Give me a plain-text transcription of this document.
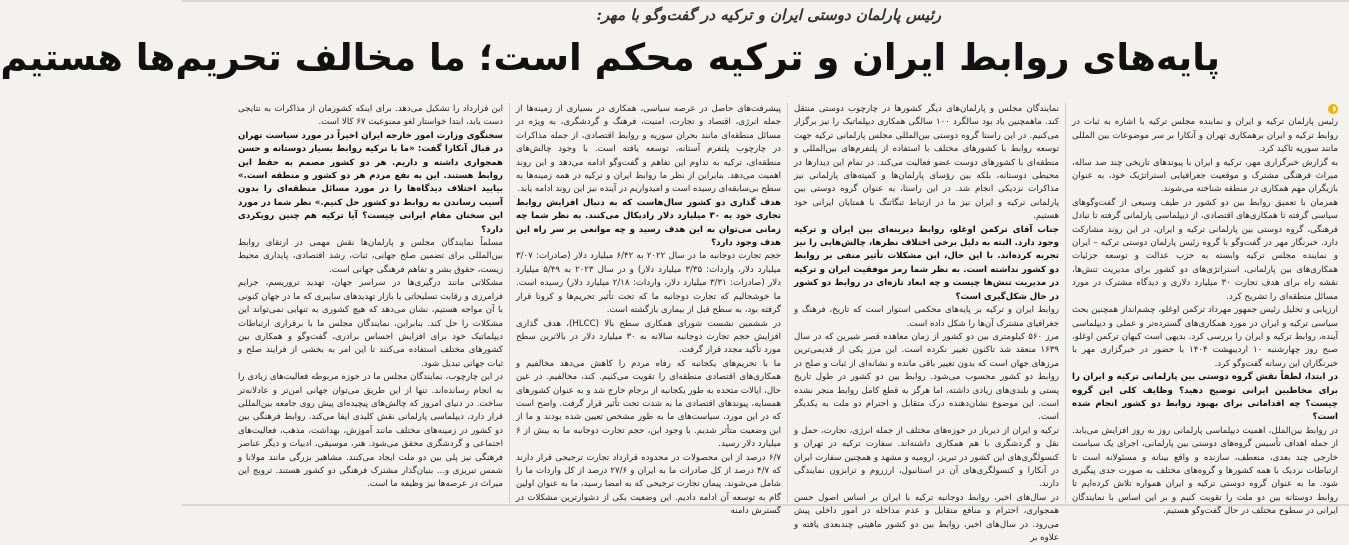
رئیس پارلمان دوستی ایران و ترکیه در گفت‌و‌گو با مهر:
پایه‌های روابط ایران و ترکیه محکم است؛ ما مخالف تحریم‌ها هستیم

رئیس پارلمان ترکیه و ایران و نماینده مجلس ترکیه با اشاره به ثبات در روابط ترکیه و ایران برهمکاری تهران و آنکارا بر سر موضوعات بین المللی مانند سوریه تاکید کرد.

به گزارش خبرگزاری مهر، ترکیه و ایران با پیوندهای تاریخی چند صد ساله، میراث فرهنگی مشترک و موقعیت جغرافیایی استراتژیک خود، به عنوان بازیگران مهم همکاری در منطقه شناخته می‌شوند.

همزمان با تعمیق روابط بین دو کشور در طیف وسیعی از گفت‌وگوهای سیاسی گرفته تا همکاری‌های اقتصادی، از دیپلماسی پارلمانی گرفته تا تبادل فرهنگی، گروه دوستی بین پارلمانی ترکیه و ایران، در این روند مشارکت دارد. خبرنگار مهر در گفت‌وگو با گروه رئیس پارلمان دوستی ترکیه – ایران و نماینده مجلس ترکیه وابسته به حزب عدالت و توسعه جزئیات همکاری‌های بین پارلمانی، استراتژی‌های دو کشور برای مدیریت تنش‌ها، نقشه راه برای هدف تجارت ۳۰ میلیارد دلاری و دیدگاه مشترک در مورد مسائل منطقه‌ای را تشریح کرد.

ارزیابی و تحلیل رئیس جمهور مهرداد ترکمن اوغلو، چشم‌انداز همچنین بحث سیاسی ترکیه و ایران در مورد همکاری‌های گسترده‌تر و عملی و دیپلماسی آینده، روابط ترکیه و ایران را بررسی کرد. بدیهی است کیهان ترکمن اوغلو، صبح روز چهارشنبه ۱۰ اردیبهشت ۱۴۰۴ با حضور در خبرگزاری مهر با خبرنگاران این رسانه گفت‌وگو کرد.

در ابتدا، لطفاً نقش گروه دوستی بین پارلمانی ترکیه و ایران را برای مخاطبین ایرانی توضیح دهید؟ وظایف کلی این گروه چیست؟ چه اقداماتی برای بهبود روابط دو کشور انجام شده است؟

در روابط بین‌الملل، اهمیت دیپلماسی پارلمانی روز به روز افزایش می‌یابد. از جمله اهداف تأسیس گروه‌های دوستی بین پارلمانی، اجرای یک سیاست خارجی چند بعدی، منعطف، سازنده و واقع بینانه و مسئولانه است تا ارتباطات نزدیک با همه کشورها و گروه‌های مختلف به صورت جدی پیگیری شود. ما به عنوان گروه دوستی ترکیه و ایران همواره تلاش کرده‌ایم تا روابط دوستانه بین دو ملت را تقویت کنیم و بر این اساس با نمایندگان ایرانی در سطوح مختلف در حال گفت‌وگو هستیم.

نمایندگان مجلس و پارلمان‌های دیگر کشورها در چارچوب دوستی منتقل کند. ماهمچنین یاد بود سالگرد ۱۰۰ سالگی همکاری دیپلماتیک را نیز برگزار می‌کنیم. در این راستا گروه دوستی بین‌المللی مجلس پارلمانی ترکیه جهت توسعه روابط با کشورهای مختلف با استفاده از پلتفرم‌های بین‌المللی و منطقه‌ای با کشورهای دوست عضو فعالیت می‌کند. در تمام این دیدارها در محیطی دوستانه، بلکه بین رؤسای پارلمان‌ها و کمیته‌های پارلمانی نیز مذاکرات نزدیکی انجام شد. در این راستا، به عنوان گروه دوستی بین پارلمانی ترکیه و ایران نیز ما در ارتباط تنگاتنگ با همتایان ایرانی خود هستیم.

جناب آقای ترکمن اوغلو، روابط دیرینه‌ای بین ایران و ترکیه وجود دارد. البته به دلیل برخی اختلاف نظرها، چالش‌هایی را نیز تجربه کرده‌اند. با این حال، این مشکلات تأثیر منفی بر روابط دو کشور نداشته است. به نظر شما رمز موفقیت ایران و ترکیه در مدیریت تنش‌ها چیست و چه ابعاد تازه‌ای در روابط دو کشور در حال شکل‌گیری است؟

روابط ایران و ترکیه بر پایه‌های محکمی استوار است که تاریخ، فرهنگ و جغرافیای مشترک آن‌ها را شکل داده است.

مرز ۵۶۰ کیلومتری بین دو کشور از زمان معاهده قصر شیرین که در سال ۱۶۳۹ منعقد شد تاکنون تغییر نکرده است. این مرز یکی از قدیمی‌ترین مرزهای جهان است که بدون تغییر باقی مانده و نشانه‌ای از ثبات و صلح در روابط دو کشور محسوب می‌شود. روابط بین دو کشور در طول تاریخ پستی و بلندی‌های زیادی داشته، اما هرگز به قطع کامل روابط منجر نشده است. این موضوع نشان‌دهنده درک متقابل و احترام دو ملت به یکدیگر است.

ترکیه و ایران از دیرباز در حوزه‌های مختلف از جمله انرژی، تجارت، حمل و نقل و گردشگری با هم همکاری داشته‌اند. سفارت ترکیه در تهران و کنسولگری‌های این کشور در تبریز، ارومیه و مشهد و همچنین سفارت ایران در آنکارا و کنسولگری‌های آن در استانبول، ارزروم و ترابزون نمایندگی دارند.

در سال‌های اخیر، روابط دوجانبه ترکیه با ایران بر اساس اصول حسن همجواری، احترام و منافع متقابل و عدم مداخله در امور داخلی پیش می‌رود. در سال‌های اخیر، روابط بین دو کشور ماهیتی چندبعدی یافته و علاوه بر

پیشرفت‌های حاصل در عرصه سیاسی، همکاری در بسیاری از زمینه‌ها از جمله انرژی، اقتصاد و تجارت، امنیت، فرهنگ و گردشگری، به ویژه در مسائل منطقه‌ای مانند بحران سوریه و روابط اقتصادی، از جمله مذاکرات در چارچوب پلتفرم آستانه، توسعه یافته است. با وجود چالش‌های منطقه‌ای، ترکیه به تداوم این تفاهم و گفت‌وگو ادامه می‌دهد و این روند اهمیت می‌دهد. بنابراین از نظر ما روابط ایران و ترکیه در همه زمینه‌ها به سطح بی‌سابقه‌ای رسیده است و امیدواریم در آینده نیز این روند ادامه یابد.

هدف گذاری دو کشور سال‌هاست که به دنبال افزایش روابط تجاری خود به ۳۰ میلیارد دلار رادیکال می‌کنند. به نظر شما چه زمانی می‌توان به این هدف رسید و چه موانعی بر سر راه این هدف وجود دارد؟

حجم تجارت دوجانبه ما در سال ۲۰۲۲ به ۶/۴۲ میلیارد دلار (صادرات: ۳/۰۷ میلیارد دلار، واردات: ۳/۳۵ میلیارد دلار) و در سال ۲۰۲۳ به ۵/۴۹ میلیارد دلار (صادرات: ۳/۳۱ میلیارد دلار، واردات: ۲/۱۸ میلیارد دلار) رسیده است. ما خوشحالیم که تجارت دوجانبه ما که تحت تأثیر تحریم‌ها و کرونا قرار گرفته بود، به سطح قبل از بیماری بازگشته است.

در ششمین نشست شورای همکاری سطح بالا (HLCC)، هدف گذاری افزایش حجم تجارت دوجانبه سالانه به ۳۰ میلیارد دلار در بالاترین سطح مورد تأکید مجدد قرار گرفت.

ما با تحریم‌های یکجانبه که رفاه مردم را کاهش می‌دهد مخالفیم و همکاری‌های اقتصادی منطقه‌ای را تقویت می‌کنیم. کند، مخالفیم. در عین حال، ایالات متحده به طور یکجانبه از برجام خارج شد و به عنوان کشورهای همسایه، پیوندهای اقتصادی ما به شدت تحت تأثیر قرار گرفت. واضح است که در این مورد، سیاست‌های ما به طور مشخص تعیین شده بودند و ما از این وضعیت متأثر شدیم. با وجود این، حجم تجارت دوجانبه ما به بیش از ۶ میلیارد دلار رسید.

۶/۷ درصد از این محصولات در محدوده قرارداد تجارت ترجیحی قرار دارند که ۴/۷ درصد از کل صادرات ما به ایران و ۲۷/۶ درصد از کل واردات ما را شامل می‌شوند. پیمان تجارت ترجیحی که به امضا رسید، ما به عنوان اولین گام به توسعه آن ادامه دادیم. این وضعیت یکی از دشوارترین مشکلات در گسترش دامنه

این قرارداد را تشکیل می‌دهد. برای اینکه کشورمان از مذاکرات به نتایجی دست یابد، ابتدا خواستار لغو ممنوعیت ۶۷ کالا است.

سخنگوی وزارت امور خارجه ایران اخیراً در مورد سیاست تهران در قبال آنکارا گفت: «ما با ترکیه روابط بسیار دوستانه و حسن همجواری داشته و داریم. هر دو کشور مصمم به حفظ این روابط هستند. این به نفع مردم هر دو کشور و منطقه است.» بیایید اختلاف دیدگاه‌ها را در مورد مسائل منطقه‌ای را بدون آسیب رساندن به روابط دو کشور حل کنیم.» نظر شما در مورد این سخنان مقام ایرانی چیست؟ آیا ترکیه هم چنین رویکردی دارد؟

مسلماً نمایندگان مجلس و پارلمان‌ها نقش مهمی در ارتقای روابط بین‌المللی برای تضمین صلح جهانی، ثبات، رشد اقتصادی، پایداری محیط زیست، حقوق بشر و تفاهم فرهنگی جهانی است.

مشکلاتی مانند درگیری‌ها در سراسر جهان، تهدید تروریسم، جرایم فرامرزی و رقابت تسلیحاتی یا بازار تهدیدهای سایبری که ما در جهان کنونی با آن مواجه هستیم، نشان می‌دهد که هیچ کشوری به تنهایی نمی‌تواند این مشکلات را حل کند. بنابراین، نمایندگان مجلس ما با برقراری ارتباطات دیپلماتیک خود برای افزایش احساس برادری، گفت‌وگو و همکاری بین کشورهای مختلف استفاده می‌کنند تا این امر به بخشی از فرایند صلح و ثبات جهانی تبدیل شود.

در این چارچوب، نمایندگان مجلس ما در حوزه مربوطه فعالیت‌های زیادی را به انجام رسانده‌اند. تنها از این طریق می‌توان جهانی امن‌تر و عادلانه‌تر ساخت. در دنیای امروز که چالش‌های پیچیده‌ای پیش روی جامعه بین‌المللی قرار دارد، دیپلماسی پارلمانی نقش کلیدی ایفا می‌کند. روابط فرهنگی بین دو کشور در زمینه‌های مختلف مانند آموزش، بهداشت، مذهب، فعالیت‌های اجتماعی و گردشگری محقق می‌شود. هنر، موسیقی، ادبیات و دیگر عناصر فرهنگی نیز پلی بین دو ملت ایجاد می‌کنند. مشاهیر بزرگی مانند مولانا و شمس تبریزی و... بنیان‌گذار مشترک فرهنگی دو کشور هستند. ترویج این میراث در عرصه‌ها نیز وظیفه ما است.
